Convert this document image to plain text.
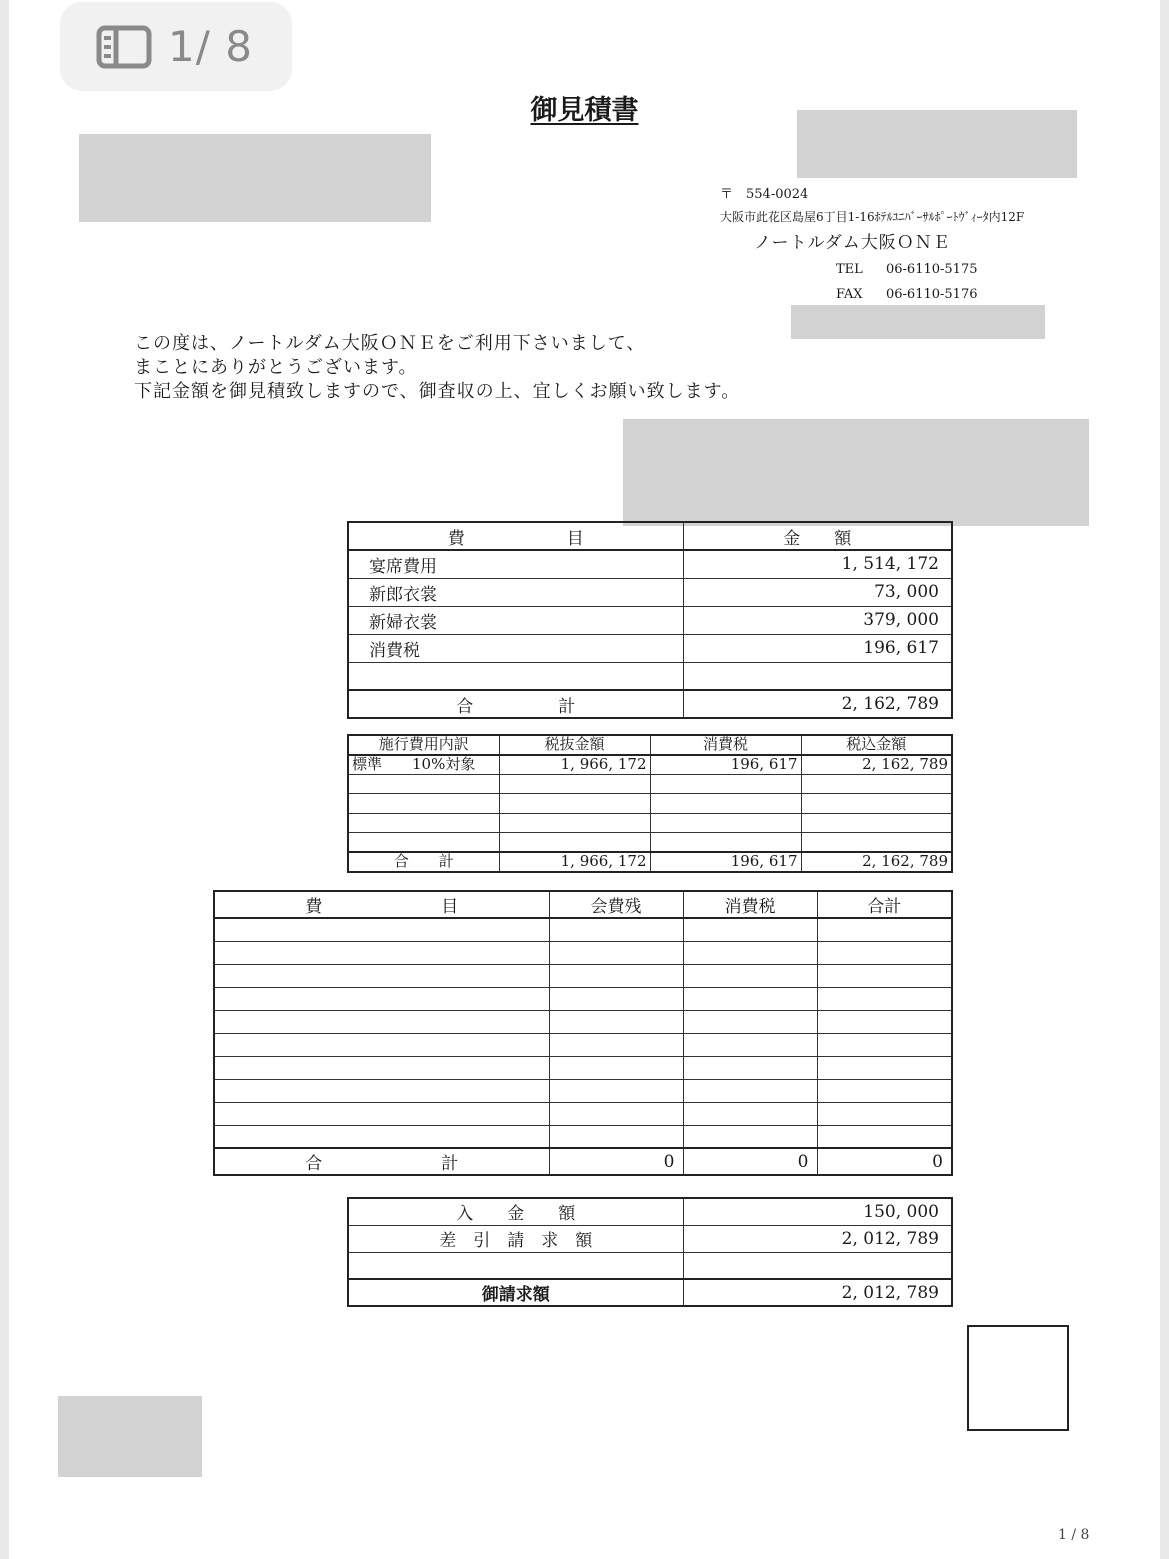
1/ 8
御見積書
〒　554-0024
大阪市此花区島屋6丁目1-16ﾎﾃﾙﾕﾆﾊﾞｰｻﾙﾎﾟｰﾄｳﾞｨｰﾀ内12F
ノートルダム大阪ＯＮＥ
TEL 06-6110-5175
FAX 06-6110-5176
この度は、ノートルダム大阪ＯＮＥをご利用下さいまして、
まことにありがとうございます。
下記金額を御見積致しますので、御査収の上、宜しくお願い致します。
費　　　　　　目	金　　額
宴席費用	1, 514, 172
新郎衣裳	73, 000
新婦衣裳	379, 000
消費税	196, 617

合　　　　　計	2, 162, 789
施行費用内訳	税抜金額	消費税	税込金額
標準　　10%対象	1, 966, 172	196, 617	2, 162, 789

合　　計	1, 966, 172	196, 617	2, 162, 789
費　　　　　　　目	会費残	消費税	合計

合　　　　　　　計	0	0	0
入　　金　　額	150, 000
差　引　請　求　額	2, 012, 789

御請求額	2, 012, 789
1 / 8
